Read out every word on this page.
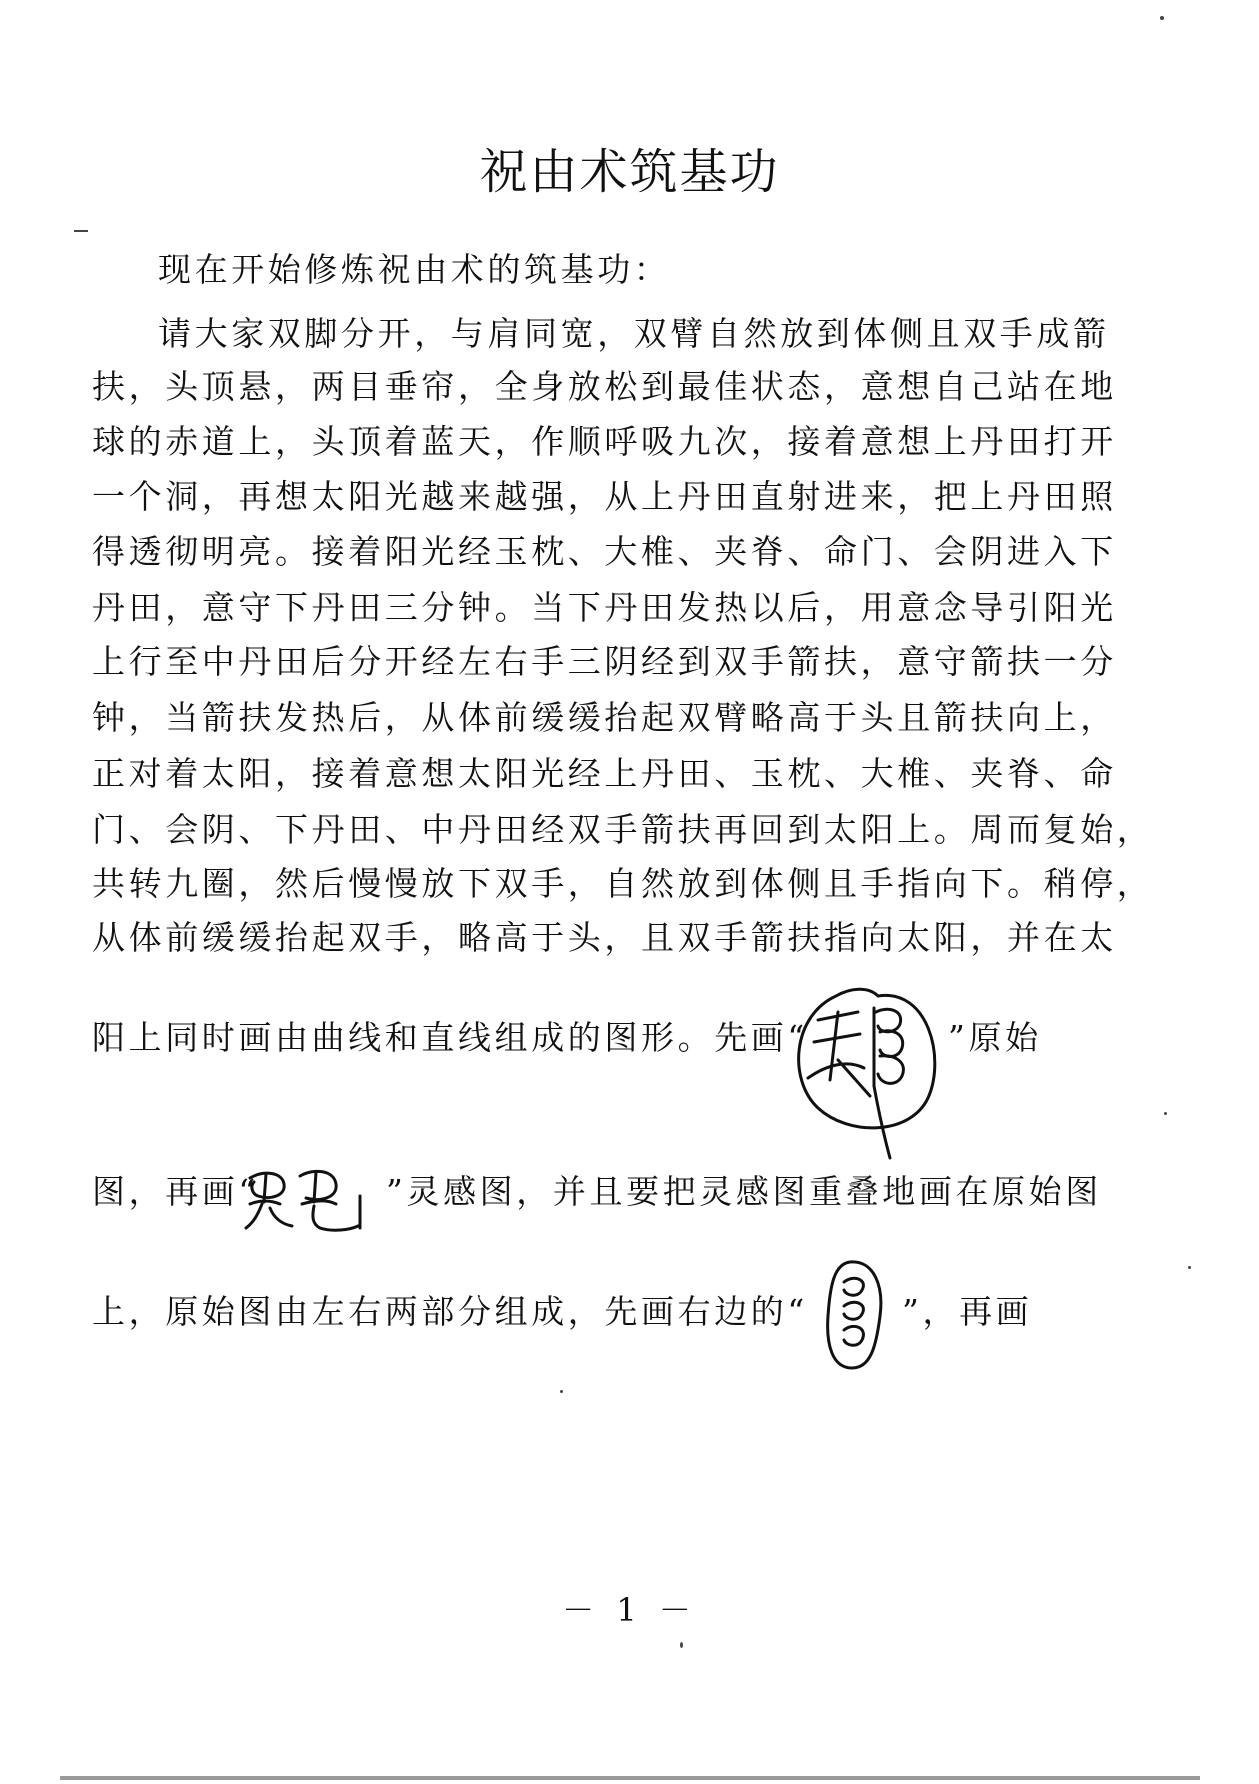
祝由术筑基功
现在开始修炼祝由术的筑基功：
请大家双脚分开，与肩同宽，双臂自然放到体侧且双手成箭
扶，头顶悬，两目垂帘，全身放松到最佳状态，意想自己站在地
球的赤道上，头顶着蓝天，作顺呼吸九次，接着意想上丹田打开
一个洞，再想太阳光越来越强，从上丹田直射进来，把上丹田照
得透彻明亮。接着阳光经玉枕、大椎、夹脊、命门、会阴进入下
丹田，意守下丹田三分钟。当下丹田发热以后，用意念导引阳光
上行至中丹田后分开经左右手三阴经到双手箭扶，意守箭扶一分
钟，当箭扶发热后，从体前缓缓抬起双臂略高于头且箭扶向上，
正对着太阳，接着意想太阳光经上丹田、玉枕、大椎、夹脊、命
门、会阴、下丹田、中丹田经双手箭扶再回到太阳上。周而复始，
共转九圈，然后慢慢放下双手，自然放到体侧且手指向下。稍停，
从体前缓缓抬起双手，略高于头，且双手箭扶指向太阳，并在太
阳上同时画由曲线和直线组成的图形。先画“	”原始
图，再画“	”灵感图，并且要把灵感图重叠地画在原始图
上，原始图由左右两部分组成，先画右边的“	”，再画
－ 1 －
